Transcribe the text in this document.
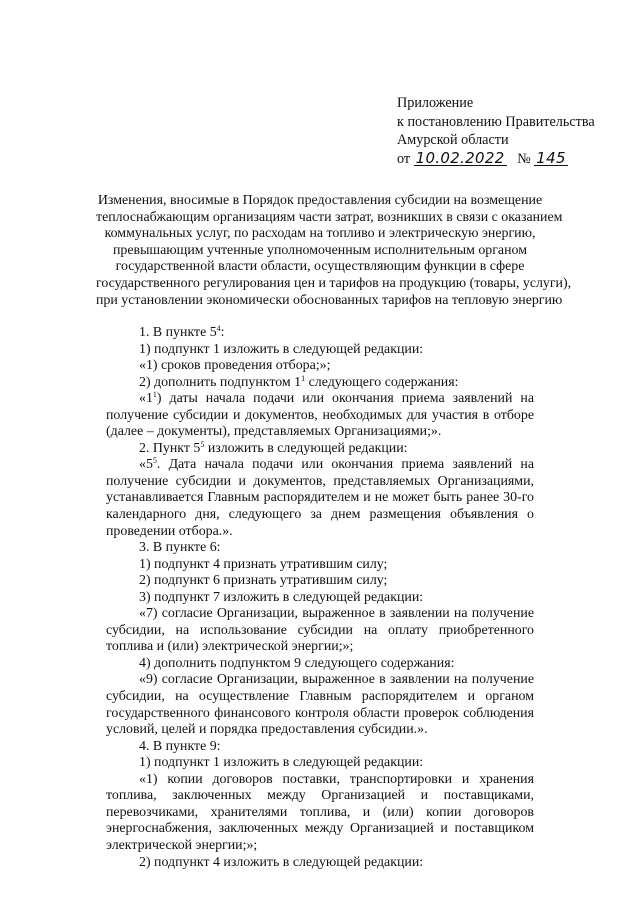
Приложение
к постановлению Правительства
Амурской области
от 10.02.2022 № 145
Изменения, вносимые в Порядок предоставления субсидии на возмещение
теплоснабжающим организациям части затрат, возникших в связи с оказанием
коммунальных услуг, по расходам на топливо и электрическую энергию,
превышающим учтенные уполномоченным исполнительным органом
государственной власти области, осуществляющим функции в сфере
государственного регулирования цен и тарифов на продукцию (товары, услуги),
при установлении экономически обоснованных тарифов на тепловую энергию

1. В пункте $5^4$:

1) подпункт 1 изложить в следующей редакции:

«1) сроков проведения отбора;»;

2) дополнить подпунктом $1^1$ следующего содержания:

«$1^1$) даты начала подачи или окончания приема заявлений на получение субсидии и документов, необходимых для участия в отборе (далее – документы), представляемых Организациями;».

2. Пункт $5^5$ изложить в следующей редакции:

«$5^5$. Дата начала подачи или окончания приема заявлений на получение субсидии и документов, представляемых Организациями, устанавливается Главным распорядителем и не может быть ранее 30-го календарного дня, следующего за днем размещения объявления о проведении отбора.».

3. В пункте 6:

1) подпункт 4 признать утратившим силу;

2) подпункт 6 признать утратившим силу;

3) подпункт 7 изложить в следующей редакции:

«7) согласие Организации, выраженное в заявлении на получение субсидии, на использование субсидии на оплату приобретенного топлива и (или) электрической энергии;»;

4) дополнить подпунктом 9 следующего содержания:

«9) согласие Организации, выраженное в заявлении на получение субсидии, на осуществление Главным распорядителем и органом государственного финансового контроля области проверок соблюдения условий, целей и порядка предоставления субсидии.».

4. В пункте 9:

1) подпункт 1 изложить в следующей редакции:

«1) копии договоров поставки, транспортировки и хранения топлива, заключенных между Организацией и поставщиками, перевозчиками, хранителями топлива, и (или) копии договоров энергоснабжения, заключенных между Организацией и поставщиком электрической энергии;»;

2) подпункт 4 изложить в следующей редакции:
